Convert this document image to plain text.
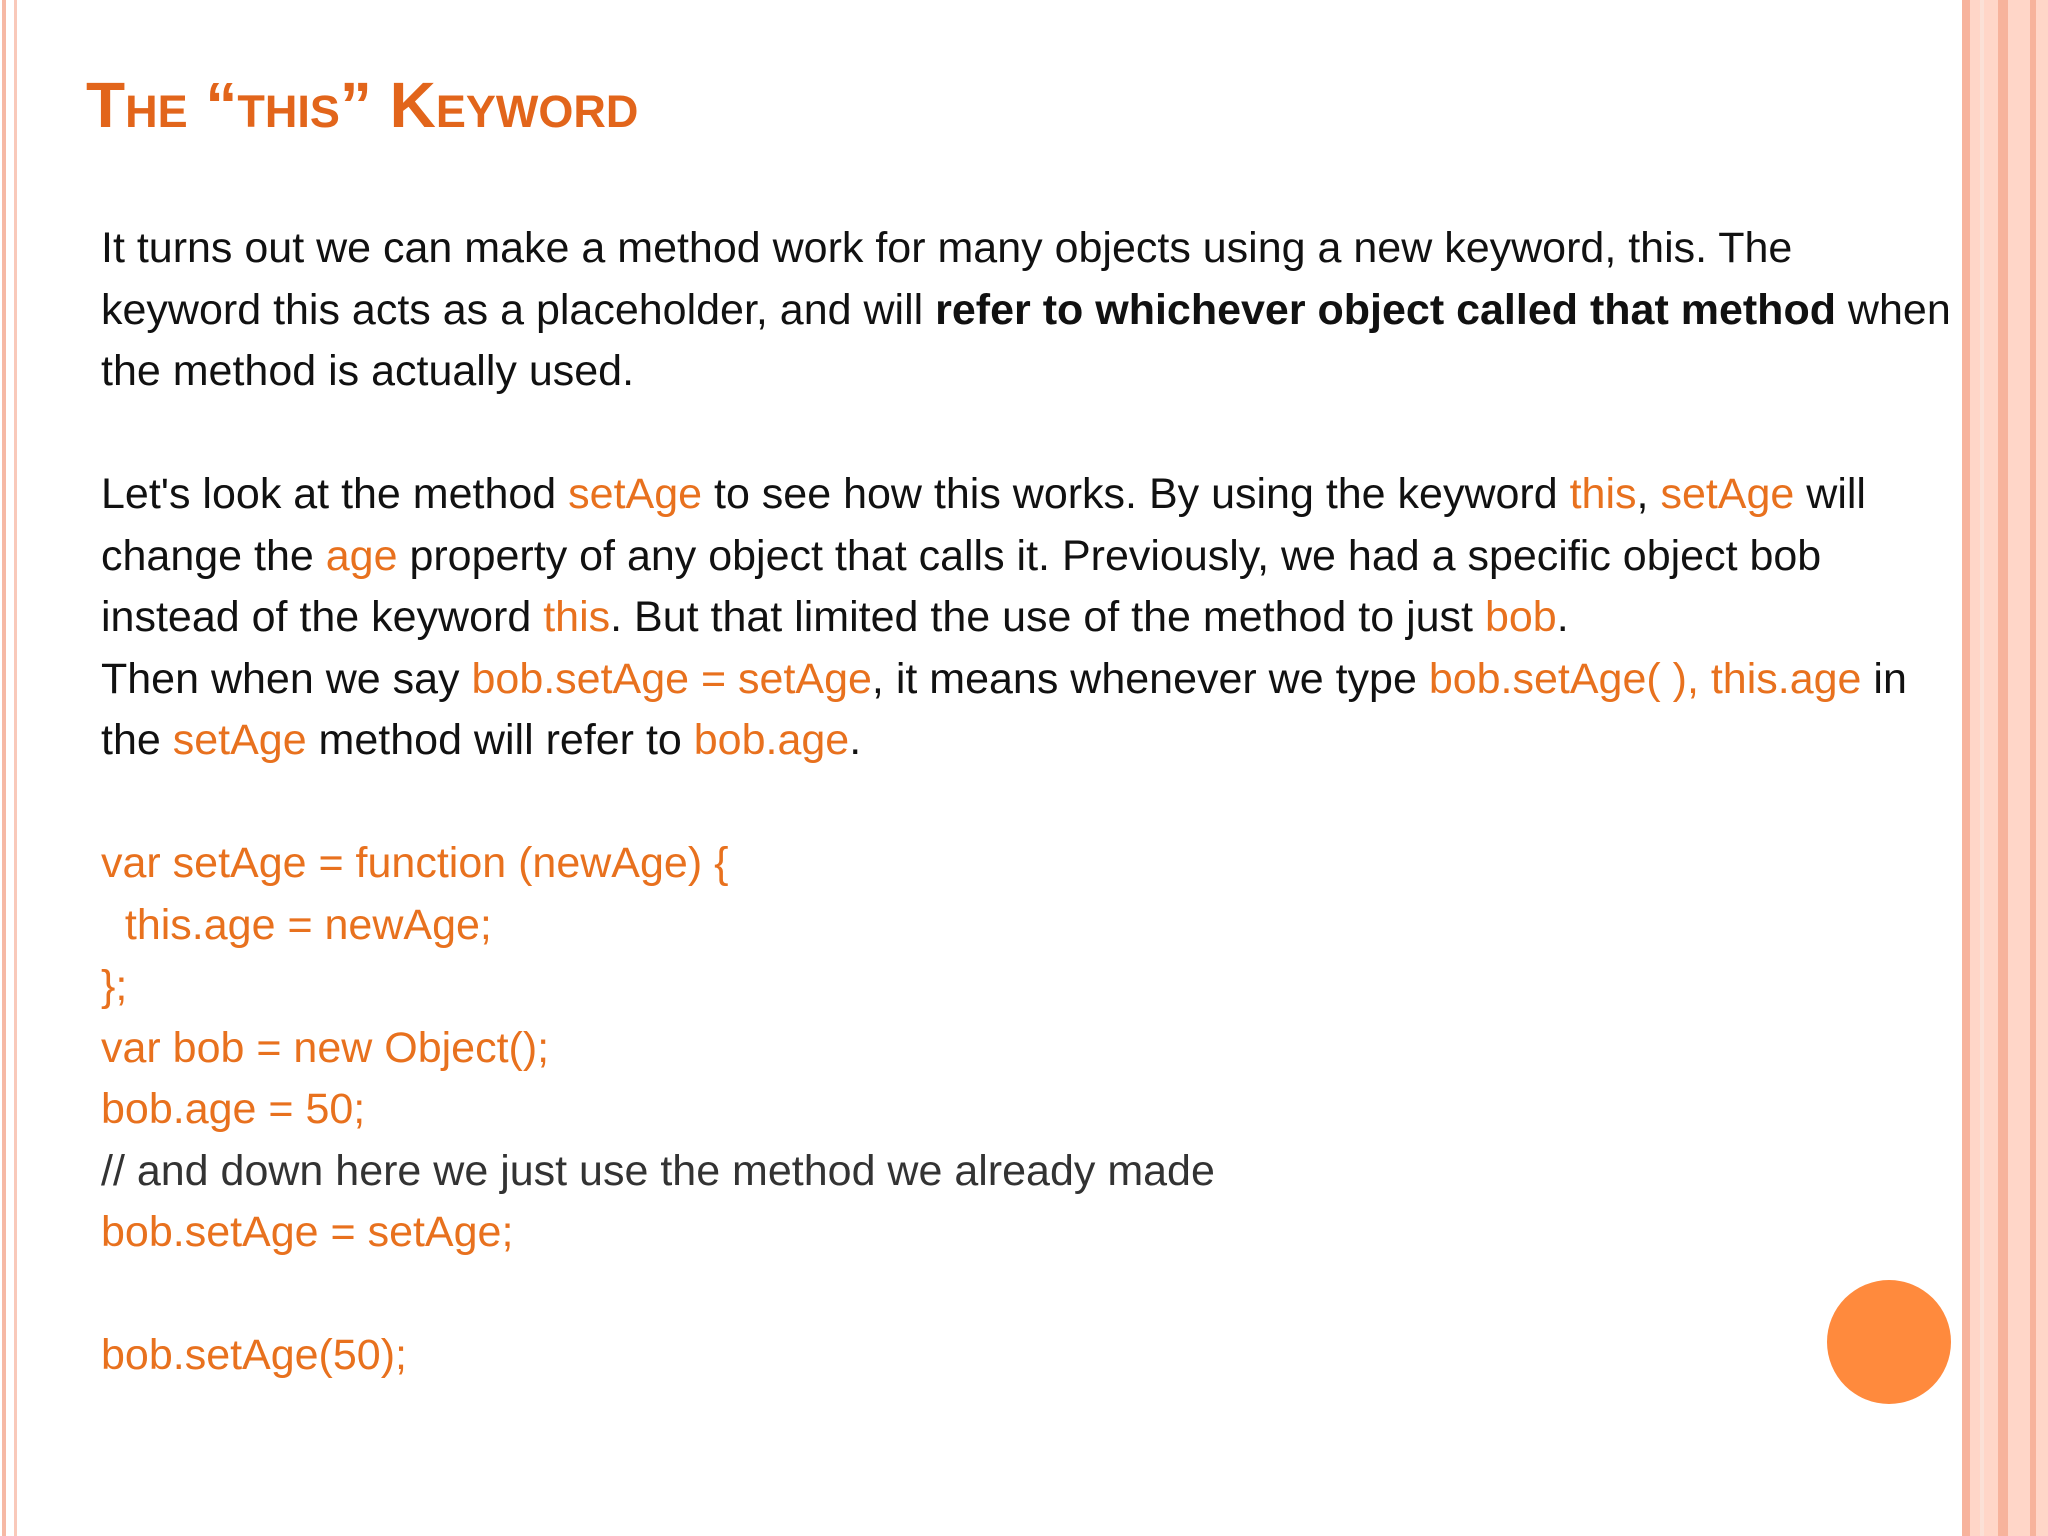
The “this” Keyword

It turns out we can make a method work for many objects using a new keyword, this. The keyword this acts as a placeholder, and will refer to whichever object called that method when the method is actually used.

Let's look at the method setAge to see how this works. By using the keyword this, setAge will change the age property of any object that calls it. Previously, we had a specific object bob instead of the keyword this. But that limited the use of the method to just bob.

Then when we say bob.setAge = setAge, it means whenever we type bob.setAge( ), this.age in the setAge method will refer to bob.age.

var setAge = function (newAge) {

this.age = newAge;

};

var bob = new Object();

bob.age = 50;

// and down here we just use the method we already made

bob.setAge = setAge;

bob.setAge(50);
